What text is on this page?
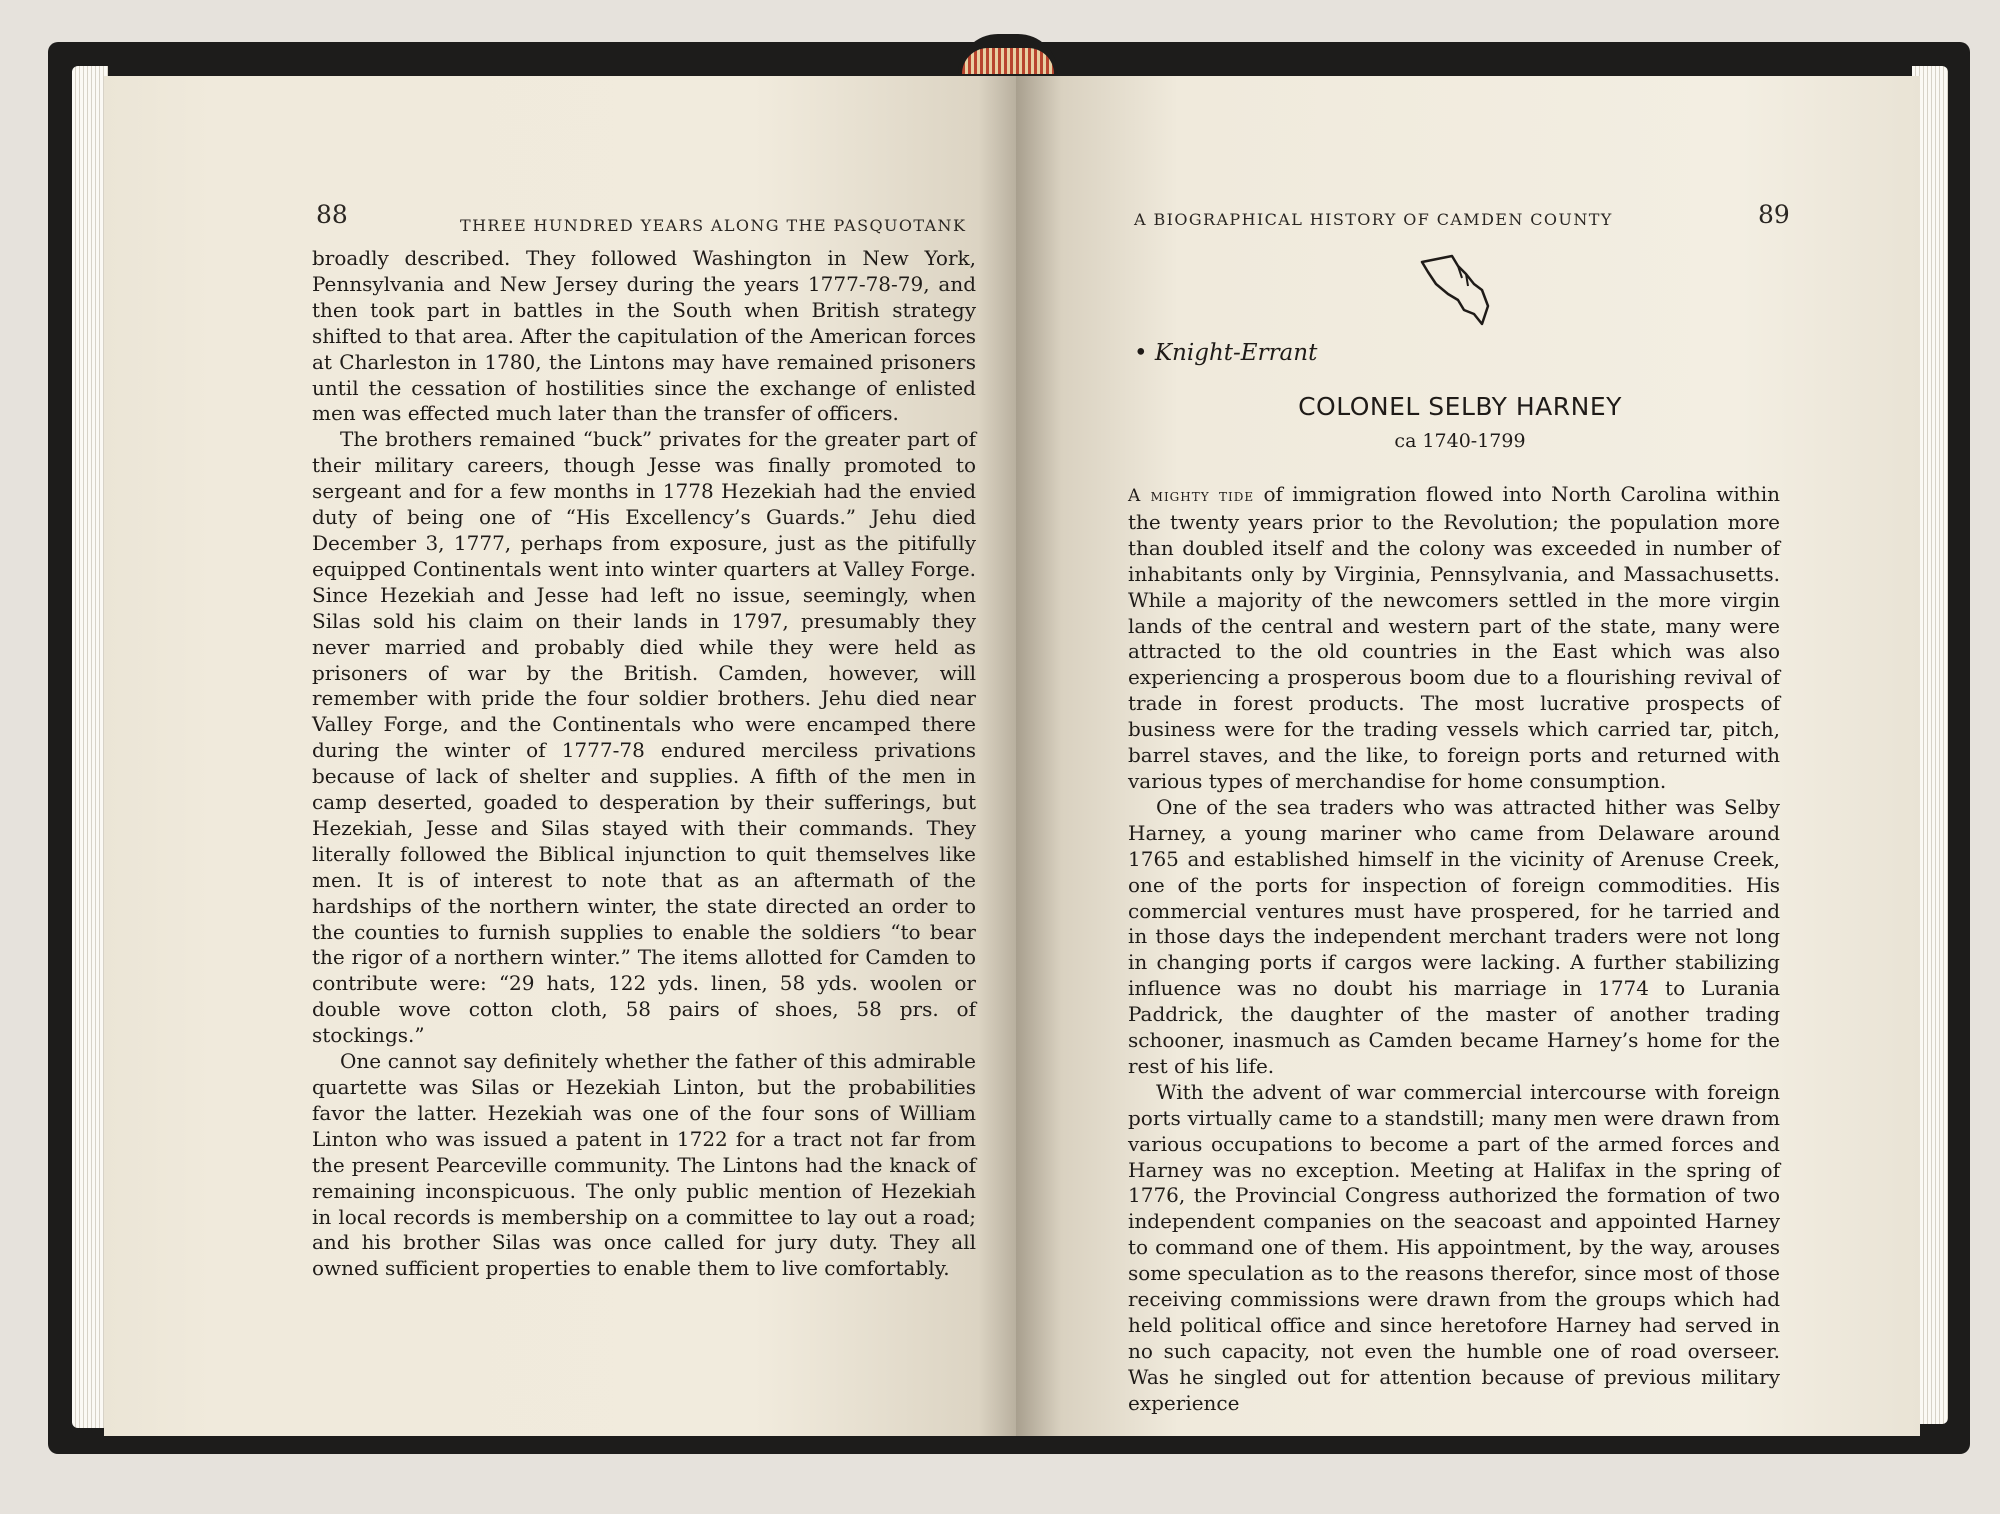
88	THREE HUNDRED YEARS ALONG THE PASQUOTANK

broadly described. They followed Washington in New York, Pennsylvania and New Jersey during the years 1777-78-79, and then took part in battles in the South when British strategy shifted to that area. After the capitulation of the American forces at Charleston in 1780, the Lintons may have remained prisoners until the cessation of hostilities since the exchange of enlisted men was effected much later than the transfer of officers.

The brothers remained “buck” privates for the greater part of their military careers, though Jesse was finally promoted to sergeant and for a few months in 1778 Hezekiah had the envied duty of being one of “His Excellency’s Guards.” Jehu died December 3, 1777, perhaps from exposure, just as the pitifully equipped Continentals went into winter quarters at Valley Forge. Since Hezekiah and Jesse had left no issue, seemingly, when Silas sold his claim on their lands in 1797, presumably they never married and probably died while they were held as prisoners of war by the British. Camden, however, will remember with pride the four soldier brothers. Jehu died near Valley Forge, and the Continentals who were encamped there during the winter of 1777-78 endured merciless privations because of lack of shelter and supplies. A fifth of the men in camp deserted, goaded to desperation by their sufferings, but Hezekiah, Jesse and Silas stayed with their commands. They literally followed the Biblical injunction to quit themselves like men. It is of interest to note that as an aftermath of the hardships of the northern winter, the state directed an order to the counties to furnish supplies to enable the soldiers “to bear the rigor of a northern winter.” The items allotted for Camden to contribute were: “29 hats, 122 yds. linen, 58 yds. woolen or double wove cotton cloth, 58 pairs of shoes, 58 prs. of stockings.”

One cannot say definitely whether the father of this admirable quartette was Silas or Hezekiah Linton, but the probabilities favor the latter. Hezekiah was one of the four sons of William Linton who was issued a patent in 1722 for a tract not far from the present Pearceville community. The Lintons had the knack of remaining inconspicuous. The only public mention of Hezekiah in local records is membership on a committee to lay out a road; and his brother Silas was once called for jury duty. They all owned sufficient properties to enable them to live comfortably.

A BIOGRAPHICAL HISTORY OF CAMDEN COUNTY	89
• Knight-Errant
COLONEL SELBY HARNEY
ca 1740-1799

A mighty tide of immigration flowed into North Carolina within the twenty years prior to the Revolution; the population more than doubled itself and the colony was exceeded in number of inhabitants only by Virginia, Pennsylvania, and Massachusetts. While a majority of the newcomers settled in the more virgin lands of the central and western part of the state, many were attracted to the old countries in the East which was also experiencing a prosperous boom due to a flourishing revival of trade in forest products. The most lucrative prospects of business were for the trading vessels which carried tar, pitch, barrel staves, and the like, to foreign ports and returned with various types of merchandise for home consumption.

One of the sea traders who was attracted hither was Selby Harney, a young mariner who came from Delaware around 1765 and established himself in the vicinity of Arenuse Creek, one of the ports for inspection of foreign commodities. His commercial ventures must have prospered, for he tarried and in those days the independent merchant traders were not long in changing ports if cargos were lacking. A further stabilizing influence was no doubt his marriage in 1774 to Lurania Paddrick, the daughter of the master of another trading schooner, inasmuch as Camden became Harney’s home for the rest of his life.

With the advent of war commercial intercourse with foreign ports virtually came to a standstill; many men were drawn from various occupations to become a part of the armed forces and Harney was no exception. Meeting at Halifax in the spring of 1776, the Provincial Congress authorized the formation of two independent companies on the seacoast and appointed Harney to command one of them. His appointment, by the way, arouses some speculation as to the reasons therefor, since most of those receiving commissions were drawn from the groups which had held political office and since heretofore Harney had served in no such capacity, not even the humble one of road overseer. Was he singled out for attention because of previous military experience
